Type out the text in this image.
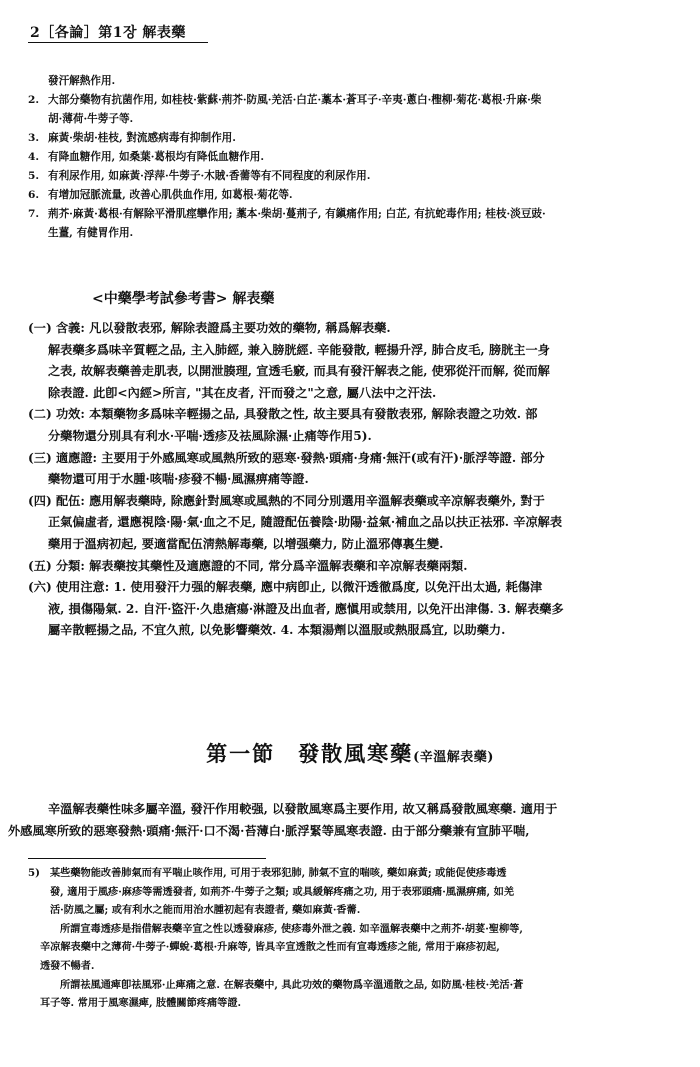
2［各論］第1장 解表藥
發汗解熱作用.
2. 大部分藥物有抗菌作用, 如桂枝·紫蘇·荊芥·防風·羌活·白芷·藁本·蒼耳子·辛夷·蔥白·檉柳·菊花·葛根·升麻·柴
胡·薄荷·牛蒡子等.
3. 麻黃·柴胡·桂枝, 對流感病毒有抑制作用.
4. 有降血糖作用, 如桑葉·葛根均有降低血糖作用.
5. 有利尿作用, 如麻黃·浮萍·牛蒡子·木賊·香薷等有不同程度的利尿作用.
6. 有增加冠脈流量, 改善心肌供血作用, 如葛根·菊花等.
7. 荊芥·麻黃·葛根·有解除平滑肌痙攣作用; 藁本·柴胡·蔓荊子, 有鎭痛作用; 白芷, 有抗蛇毒作用; 桂枝·淡豆豉·
生薑, 有健胃作用.
<中藥學考試參考書> 解表藥

(一) 含義: 凡以發散表邪, 解除表證爲主要功效的藥物, 稱爲解表藥.
解表藥多爲味辛質輕之品, 主入肺經, 兼入膀胱經. 辛能發散, 輕揚升浮, 肺合皮毛, 膀胱主一身
之表, 故解表藥善走肌表, 以開泄腠理, 宣透毛竅, 而具有發汗解表之能, 使邪從汗而解, 從而解
除表證. 此卽<內經>所言, "其在皮者, 汗而發之"之意, 屬八法中之汗法.

(二) 功效: 本類藥物多爲味辛輕揚之品, 具發散之性, 故主要具有發散表邪, 解除表證之功效. 部
分藥物還分別具有利水·平喘·透疹及祛風除濕·止痛等作用5).

(三) 適應證: 主要用于外感風寒或風熱所致的惡寒·發熱·頭痛·身痛·無汗(或有汗)·脈浮等證. 部分
藥物還可用于水腫·咳喘·疹發不暢·風濕痹痛等證.

(四) 配伍: 應用解表藥時, 除應針對風寒或風熱的不同分別選用辛溫解表藥或辛凉解表藥外, 對于
正氣偏虛者, 還應視陰·陽·氣·血之不足, 隨證配伍養陰·助陽·益氣·補血之品以扶正祛邪. 辛凉解表
藥用于溫病初起, 要適當配伍淸熱解毒藥, 以增强藥力, 防止溫邪傳裏生變.

(五) 分類: 解表藥按其藥性及適應證的不同, 常分爲辛溫解表藥和辛凉解表藥兩類.

(六) 使用注意: 1. 使用發汗力强的解表藥, 應中病卽止, 以微汗透徹爲度, 以免汗出太過, 耗傷津
液, 損傷陽氣. 2. 自汗·盜汗·久患瘡瘍·淋證及出血者, 應愼用或禁用, 以免汗出津傷. 3. 解表藥多
屬辛散輕揚之品, 不宜久煎, 以免影響藥效. 4. 本類湯劑以溫服或熱服爲宜, 以助藥力.

第一節　發散風寒藥(辛溫解表藥)

辛溫解表藥性味多屬辛溫, 發汗作用較强, 以發散風寒爲主要作用, 故又稱爲發散風寒藥. 適用于
外感風寒所致的惡寒發熱·頭痛·無汗·口不渴·苔薄白·脈浮緊等風寒表證. 由于部分藥兼有宣肺平喘,

5) 某些藥物能改善肺氣而有平喘止咳作用, 可用于表邪犯肺, 肺氣不宣的喘咳, 藥如麻黃; 或能促使疹毒透
發, 適用于風疹·麻疹等需透發者, 如荊芥·牛蒡子之類; 或具緩解疼痛之功, 用于表邪頭痛·風濕痹痛, 如羌
活·防風之屬; 或有利水之能而用治水腫初起有表證者, 藥如麻黃·香薷.

所謂宣毒透疹是指借解表藥辛宣之性以透發麻疹, 使疹毒外泄之義. 如辛溫解表藥中之荊芥·胡荽·聖柳等,
辛凉解表藥中之薄荷·牛蒡子·蟬蛻·葛根·升麻等, 皆具辛宣透散之性而有宣毒透疹之能, 常用于麻疹初起,
透發不暢者.

所謂祛風通痺卽祛風邪·止痺痛之意. 在解表藥中, 具此功效的藥物爲辛溫通散之品, 如防風·桂枝·羌活·蒼
耳子等. 常用于風寒濕痺, 肢體關節疼痛等證.
